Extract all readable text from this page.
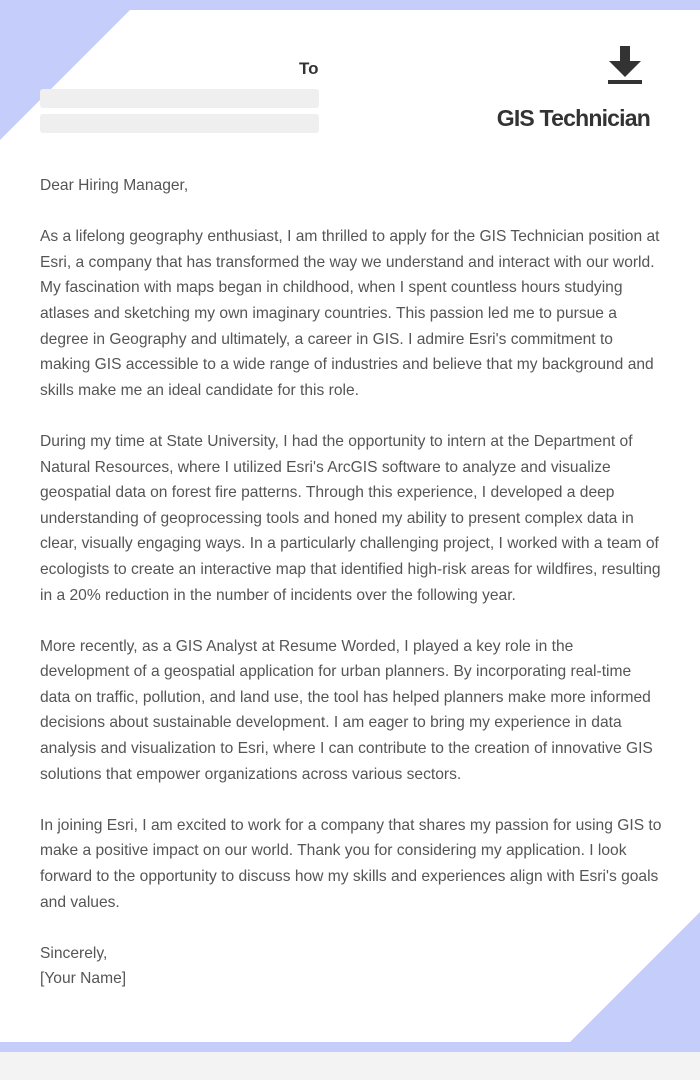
To
GIS Technician

Dear Hiring Manager,

As a lifelong geography enthusiast, I am thrilled to apply for the GIS Technician position at Esri, a company that has transformed the way we understand and interact with our world. My fascination with maps began in childhood, when I spent countless hours studying atlases and sketching my own imaginary countries. This passion led me to pursue a degree in Geography and ultimately, a career in GIS. I admire Esri's commitment to making GIS accessible to a wide range of industries and believe that my background and skills make me an ideal candidate for this role.

During my time at State University, I had the opportunity to intern at the Department of Natural Resources, where I utilized Esri's ArcGIS software to analyze and visualize geospatial data on forest fire patterns. Through this experience, I developed a deep understanding of geoprocessing tools and honed my ability to present complex data in clear, visually engaging ways. In a particularly challenging project, I worked with a team of ecologists to create an interactive map that identified high-risk areas for wildfires, resulting in a 20% reduction in the number of incidents over the following year.

More recently, as a GIS Analyst at Resume Worded, I played a key role in the development of a geospatial application for urban planners. By incorporating real-time data on traffic, pollution, and land use, the tool has helped planners make more informed decisions about sustainable development. I am eager to bring my experience in data analysis and visualization to Esri, where I can contribute to the creation of innovative GIS solutions that empower organizations across various sectors.

In joining Esri, I am excited to work for a company that shares my passion for using GIS to make a positive impact on our world. Thank you for considering my application. I look forward to the opportunity to discuss how my skills and experiences align with Esri's goals and values.

Sincerely,

[Your Name]
